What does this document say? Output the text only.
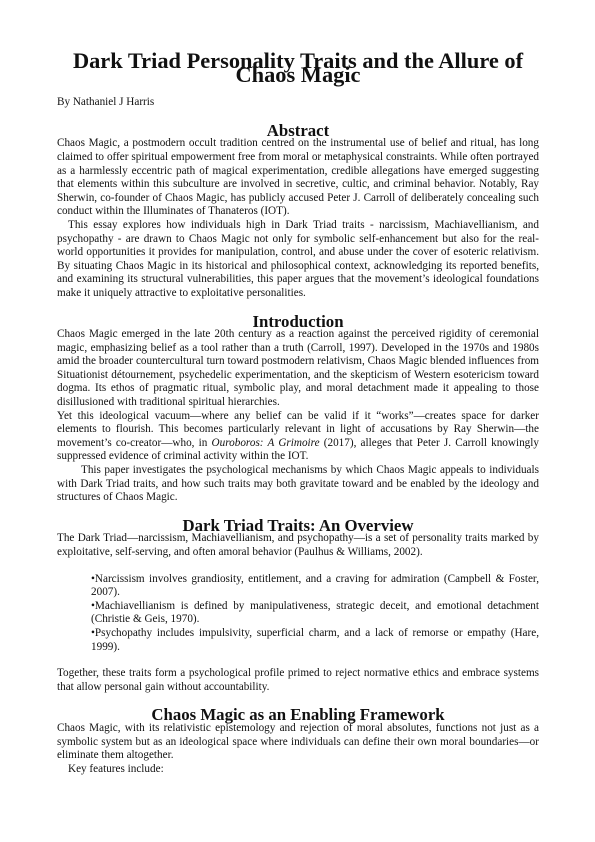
Dark Triad Personality Traits and the Allure of Chaos Magic

By Nathaniel J Harris

Abstract

Chaos Magic, a postmodern occult tradition centred on the instrumental use of belief and ritual, has long claimed to offer spiritual empowerment free from moral or metaphysical constraints. While often portrayed as a harmlessly eccentric path of magical experimentation, credible allegations have emerged suggesting that elements within this subculture are involved in secretive, cultic, and criminal behavior. Notably, Ray Sherwin, co-founder of Chaos Magic, has publicly accused Peter J. Carroll of deliberately concealing such conduct within the Illuminates of Thanateros (IOT).

This essay explores how individuals high in Dark Triad traits - narcissism, Machiavellianism, and psychopathy - are drawn to Chaos Magic not only for symbolic self-enhancement but also for the real-world opportunities it provides for manipulation, control, and abuse under the cover of esoteric relativism. By situating Chaos Magic in its historical and philosophical context, acknowledging its reported benefits, and examining its structural vulnerabilities, this paper argues that the movement’s ideological foundations make it uniquely attractive to exploitative personalities.

Introduction

Chaos Magic emerged in the late 20th century as a reaction against the perceived rigidity of ceremonial magic, emphasizing belief as a tool rather than a truth (Carroll, 1997). Developed in the 1970s and 1980s amid the broader countercultural turn toward postmodern relativism, Chaos Magic blended influences from Situationist détournement, psychedelic experimentation, and the skepticism of Western esotericism toward dogma. Its ethos of pragmatic ritual, symbolic play, and moral detachment made it appealing to those disillusioned with traditional spiritual hierarchies.

Yet this ideological vacuum—where any belief can be valid if it “works”—creates space for darker elements to flourish. This becomes particularly relevant in light of accusations by Ray Sherwin—the movement’s co-creator—who, in Ouroboros: A Grimoire (2017), alleges that Peter J. Carroll knowingly suppressed evidence of criminal activity within the IOT.

This paper investigates the psychological mechanisms by which Chaos Magic appeals to individuals with Dark Triad traits, and how such traits may both gravitate toward and be enabled by the ideology and structures of Chaos Magic.

Dark Triad Traits: An Overview

The Dark Triad—narcissism, Machiavellianism, and psychopathy—is a set of personality traits marked by exploitative, self-serving, and often amoral behavior (Paulhus & Williams, 2002).

•Narcissism involves grandiosity, entitlement, and a craving for admiration (Campbell & Foster, 2007).
•Machiavellianism is defined by manipulativeness, strategic deceit, and emotional detachment (Christie & Geis, 1970).
•Psychopathy includes impulsivity, superficial charm, and a lack of remorse or empathy (Hare, 1999).

Together, these traits form a psychological profile primed to reject normative ethics and embrace systems that allow personal gain without accountability.

Chaos Magic as an Enabling Framework

Chaos Magic, with its relativistic epistemology and rejection of moral absolutes, functions not just as a symbolic system but as an ideological space where individuals can define their own moral boundaries—or eliminate them altogether.

Key features include:
